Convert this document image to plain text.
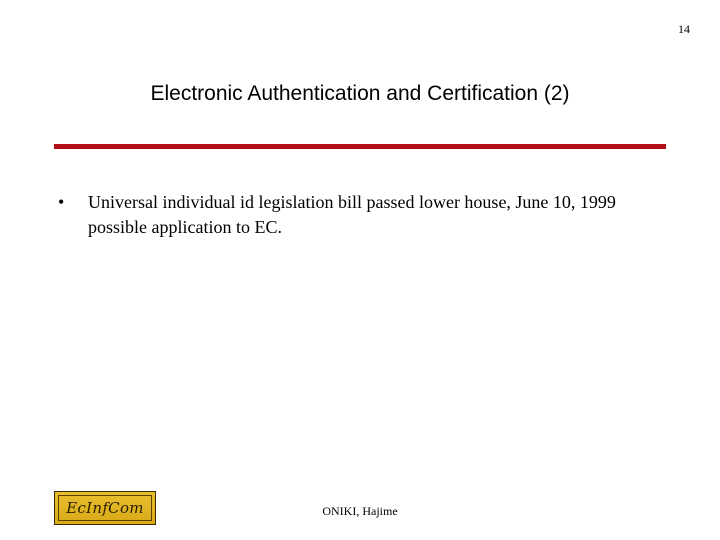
14
Electronic Authentication and Certification (2)
• Universal individual id legislation bill passed lower house, June 10, 1999 possible application to EC.
EcInfCom	ONIKI, Hajime
